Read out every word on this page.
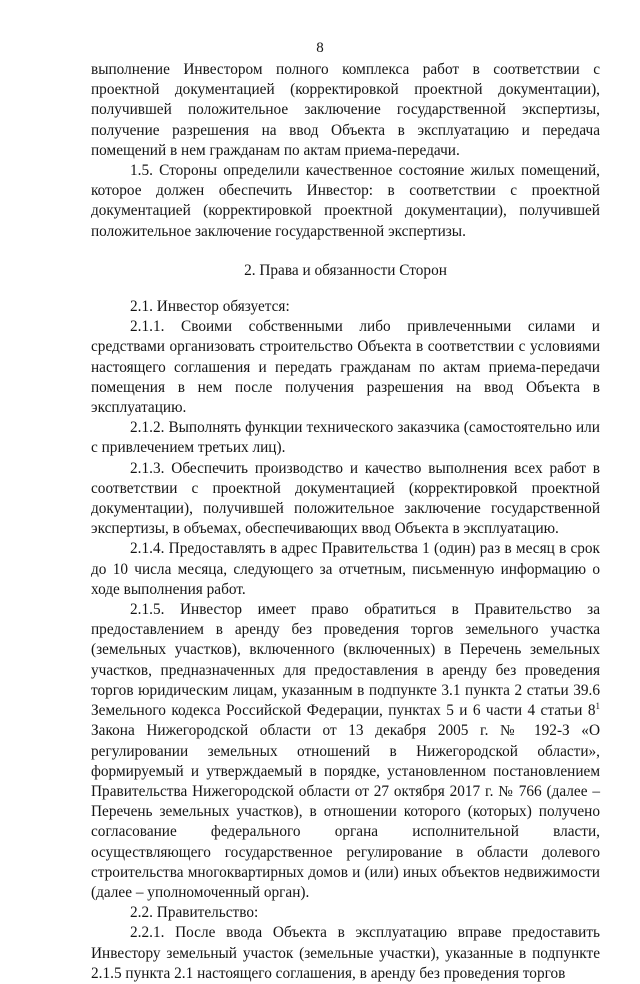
8

выполнение Инвестором полного комплекса работ в соответствии с проектной документацией (корректировкой проектной документации), получившей положительное заключение государственной экспертизы, получение разрешения на ввод Объекта в эксплуатацию и передача помещений в нем гражданам по актам приема-передачи.

1.5. Стороны определили качественное состояние жилых помещений, которое должен обеспечить Инвестор: в соответствии с проектной документацией (корректировкой проектной документации), получившей положительное заключение государственной экспертизы.

2. Права и обязанности Сторон

2.1. Инвестор обязуется:

2.1.1. Своими собственными либо привлеченными силами и средствами организовать строительство Объекта в соответствии с условиями настоящего соглашения и передать гражданам по актам приема-передачи помещения в нем после получения разрешения на ввод Объекта в эксплуатацию.

2.1.2. Выполнять функции технического заказчика (самостоятельно или с привлечением третьих лиц).

2.1.3. Обеспечить производство и качество выполнения всех работ в соответствии с проектной документацией (корректировкой проектной документации), получившей положительное заключение государственной экспертизы, в объемах, обеспечивающих ввод Объекта в эксплуатацию.

2.1.4. Предоставлять в адрес Правительства 1 (один) раз в месяц в срок до 10 числа месяца, следующего за отчетным, письменную информацию о ходе выполнения работ.

2.1.5. Инвестор имеет право обратиться в Правительство за предоставлением в аренду без проведения торгов земельного участка (земельных участков), включенного (включенных) в Перечень земельных участков, предназначенных для предоставления в аренду без проведения торгов юридическим лицам, указанным в подпункте 3.1 пункта 2 статьи 39.6 Земельного кодекса Российской Федерации, пунктах 5 и 6 части 4 статьи $8^1$ Закона Нижегородской области от 13 декабря 2005 г. № 192-З «О регулировании земельных отношений в Нижегородской области», формируемый и утверждаемый в порядке, установленном постановлением Правительства Нижегородской области от 27 октября 2017 г. № 766 (далее – Перечень земельных участков), в отношении которого (которых) получено согласование федерального органа исполнительной власти, осуществляющего государственное регулирование в области долевого строительства многоквартирных домов и (или) иных объектов недвижимости (далее – уполномоченный орган).

2.2. Правительство:

2.2.1. После ввода Объекта в эксплуатацию вправе предоставить Инвестору земельный участок (земельные участки), указанные в подпункте 2.1.5 пункта 2.1 настоящего соглашения, в аренду без проведения торгов
